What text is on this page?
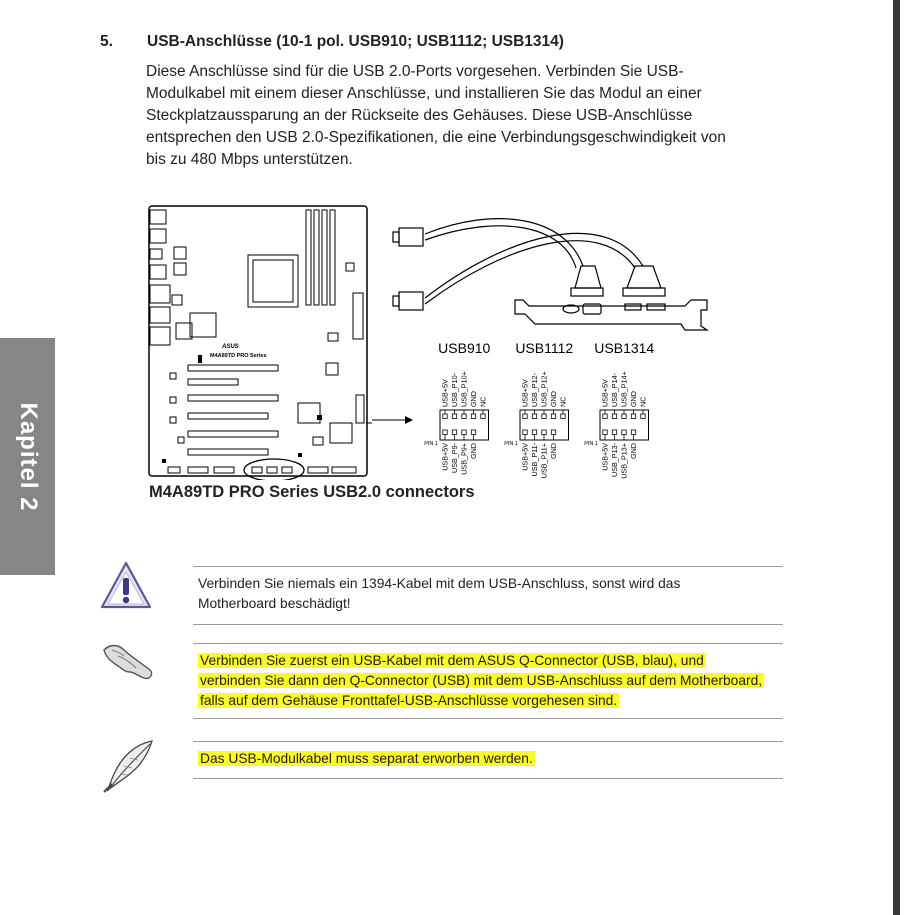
5. USB-Anschlüsse (10-1 pol. USB910; USB1112; USB1314)
Diese Anschlüsse sind für die USB 2.0-Ports vorgesehen. Verbinden Sie USB-
Modulkabel mit einem dieser Anschlüsse, und installieren Sie das Modul an einer
Steckplatzaussparung an der Rückseite des Gehäuses. Diese USB-Anschlüsse
entsprechen den USB 2.0-Spezifikationen, die eine Verbindungsgeschwindigkeit von
bis zu 480 Mbps unterstützen.
Kapitel 2
ASUS
M4A89TD PRO Series
M4A89TD PRO Series USB2.0 connectors
USB910
USB+5V USB_P10- USB_P10+ GND NC
USB+5V USB_P9- USB_P9+ GND
PIN 1
USB1112
USB+5V USB_P12- USB_P12+ GND NC
USB+5V USB_P11- USB_P11+ GND
PIN 1
USB1314
USB+5V USB_P14- USB_P14+ GND NC
USB+5V USB_P13- USB_P13+ GND
PIN 1
Verbinden Sie niemals ein 1394-Kabel mit dem USB-Anschluss, sonst wird das
Motherboard beschädigt!
Verbinden Sie zuerst ein USB-Kabel mit dem ASUS Q-Connector (USB, blau), und
verbinden Sie dann den Q-Connector (USB) mit dem USB-Anschluss auf dem Motherboard,
falls auf dem Gehäuse Fronttafel-USB-Anschlüsse vorgehesen sind.
Das USB-Modulkabel muss separat erworben werden.
